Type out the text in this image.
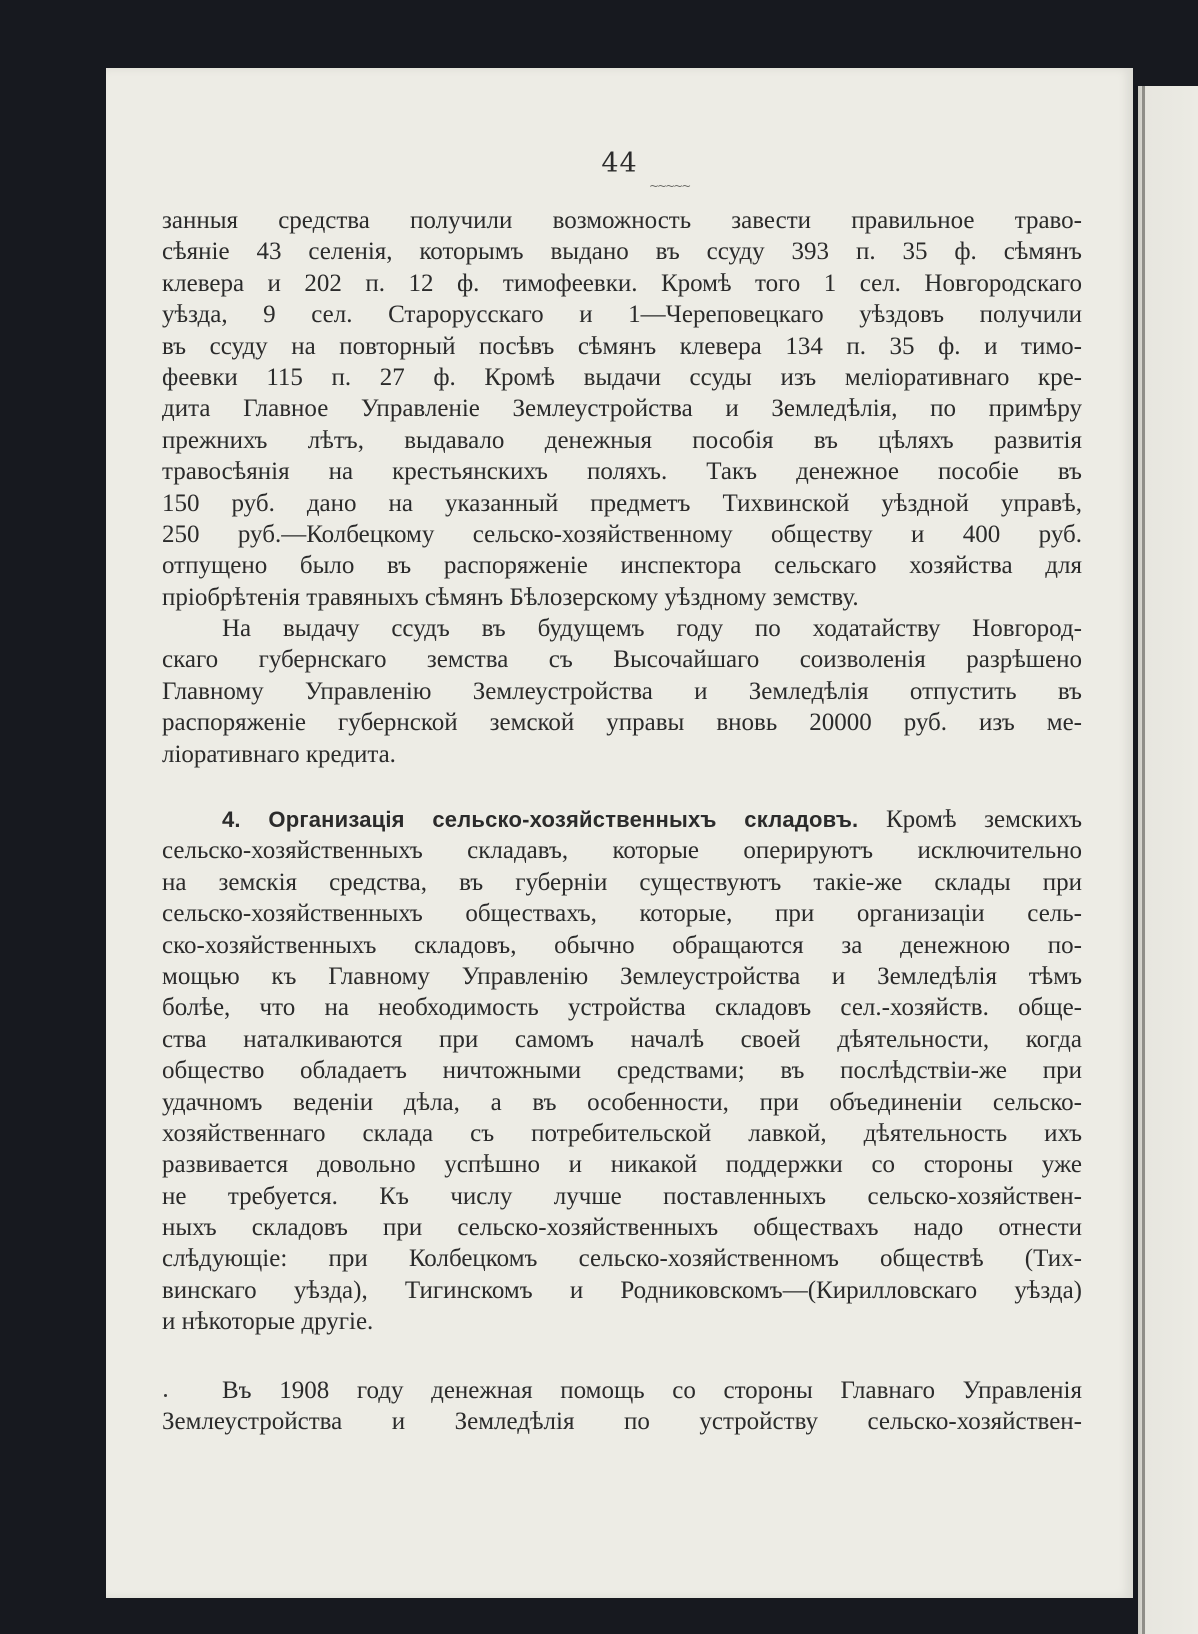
44
~~~~~
занныя средства получили возможность завести правильное траво-
сѣяніе 43 селенія, которымъ выдано въ ссуду 393 п. 35 ф. сѣмянъ
клевера и 202 п. 12 ф. тимофеевки. Кромѣ того 1 сел. Новгородскаго
уѣзда, 9 сел. Старорусскаго и 1—Череповецкаго уѣздовъ получили
въ ссуду на повторный посѣвъ сѣмянъ клевера 134 п. 35 ф. и тимо-
феевки 115 п. 27 ф. Кромѣ выдачи ссуды изъ меліоративнаго кре-
дита Главное Управленіе Землеустройства и Земледѣлія, по примѣру
прежнихъ лѣтъ, выдавало денежныя пособія въ цѣляхъ развитія
травосѣянія на крестьянскихъ поляхъ. Такъ денежное пособіе въ
150 руб. дано на указанный предметъ Тихвинской уѣздной управѣ,
250 руб.—Колбецкому сельско-хозяйственному обществу и 400 руб.
отпущено было въ распоряженіе инспектора сельскаго хозяйства для
пріобрѣтенія травяныхъ сѣмянъ Бѣлозерскому уѣздному земству.
На выдачу ссудъ въ будущемъ году по ходатайству Новгород-
скаго губернскаго земства съ Высочайшаго соизволенія разрѣшено
Главному Управленію Землеустройства и Земледѣлія отпустить въ
распоряженіе губернской земской управы вновь 20000 руб. изъ ме-
ліоративнаго кредита.
4. Организація сельско-хозяйственныхъ складовъ. Кромѣ земскихъ
сельско-хозяйственныхъ складавъ, которые оперируютъ исключительно
на земскія средства, въ губерніи существуютъ такіе-же склады при
сельско-хозяйственныхъ обществахъ, которые, при организаціи сель-
ско-хозяйственныхъ складовъ, обычно обращаются за денежною по-
мощью къ Главному Управленію Землеустройства и Земледѣлія тѣмъ
болѣе, что на необходимость устройства складовъ сел.-хозяйств. обще-
ства наталкиваются при самомъ началѣ своей дѣятельности, когда
общество обладаетъ ничтожными средствами; въ послѣдствіи-же при
удачномъ веденіи дѣла, а въ особенности, при объединеніи сельско-
хозяйственнаго склада съ потребительской лавкой, дѣятельность ихъ
развивается довольно успѣшно и никакой поддержки со стороны уже
не требуется. Къ числу лучше поставленныхъ сельско-хозяйствен-
ныхъ складовъ при сельско-хозяйственныхъ обществахъ надо отнести
слѣдующіе: при Колбецкомъ сельско-хозяйственномъ обществѣ (Тих-
винскаго уѣзда), Тигинскомъ и Родниковскомъ—(Кирилловскаго уѣзда)
и нѣкоторые другіе.
Въ 1908 году денежная помощь со стороны Главнаго Управленія
Землеустройства и Земледѣлія по устройству сельско-хозяйствен-
